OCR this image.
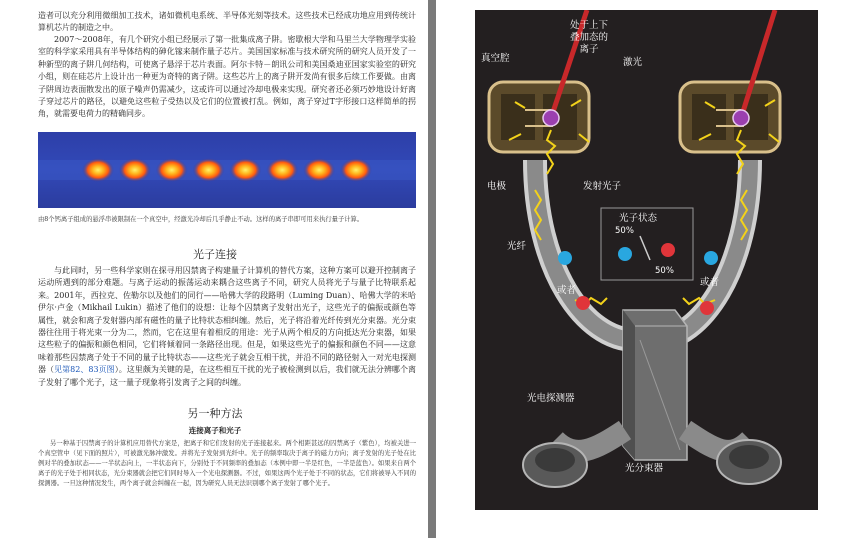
造者可以充分利用微细加工技术，诸如微机电系统、半导体光刻等技术。这些技术已经成功地应用到传统计算机芯片的制造之中。

2007～2008年，有几个研究小组已经展示了第一批集成离子阱。密歇根大学和马里兰大学物理学实验室的科学家采用具有半导体结构的砷化镓来制作量子芯片。美国国家标准与技术研究所的研究人员开发了一种新型的离子阱几何结构，可使离子悬浮于芯片表面。阿尔卡特－朗讯公司和美国桑迪亚国家实验室的研究小组，则在硅芯片上设计出一种更为奇特的离子阱。这些芯片上的离子阱开发尚有很多后续工作要做。由离子阱周边表面散发出的原子噪声仍需减少，这或许可以通过冷却电极来实现。研究者还必须巧妙地设计好离子穿过芯片的路径，以避免这些粒子受热以及它们的位置被打乱。例如，离子穿过T字形接口这样简单的拐角，就需要电荷力的精确同步。

由8个钙离子组成的悬浮串被限制在一个真空中，经激光冷却后几乎静止不动。这样的离子串即可用来执行量子计算。

光子连接

与此同时，另一些科学家则在探寻用囚禁离子构建量子计算机的替代方案，这种方案可以避开控制离子运动所遇到的部分难题。与离子运动的振荡运动来耦合这些离子不同，研究人员将光子与量子比特联系起来。2001年，西拉克、佐勒尔以及他们的同行——哈佛大学的段路明（Luming Duan）、哈佛大学的米哈伊尔·卢金（Mikhail Lukin）描述了他们的设想：让每个囚禁离子发射出光子，这些光子的偏振或颜色等属性，就会和离子发射器内部有磁性的量子比特状态相纠缠。然后，光子将沿着光纤传到光分束器。光分束器往往用于将光束一分为二，然而，它在这里有着相反的用途：光子从两个相反的方向抵达光分束器，如果这些粒子的偏振和颜色相同，它们将倾着同一条路径出现。但是，如果这些光子的偏振和颜色不同——这意味着那些囚禁离子处于不同的量子比特状态——这些光子就会互相干扰，并沿不同的路径射入一对光电探测器（见第82、83页图）。这里颇为关键的是，在这些相互干扰的光子被检测到以后，我们就无法分辨哪个离子发射了哪个光子，这一量子现象将引发离子之间的纠缠。

另一种方法
连接离子和光子

另一种基于囚禁离子的计算机应用替代方案是，把离子和它们发射的光子连接起来。两个相距甚远的囚禁离子（紫色），均被关进一个真空管中（见下面的照片），可被激光脉冲激发。并将光子发射到光纤中。光子的频率取决于离子的磁力方向；离子发射的光子处在比例对半的叠加状态——一半状态向上，一半状态向下，分别处于不同频率的叠加态（本例中即一半是红色，一半是蓝色）。如果来自两个离子的光子处于相同状态，光分束器就会把它们同时导入一个光电探测器。不过，如果这两个光子处于不同的状态，它们将被导入不同的探测器。一旦这种情况发生，两个离子就会纠缠在一起，因为研究人员无法识别哪个离子发射了哪个光子。

处于上下
叠加态的
离子
真空腔	激光
电极	发射光子
光子状态
50%
50%
光纤
或者
或者
光电探测器
光分束器
